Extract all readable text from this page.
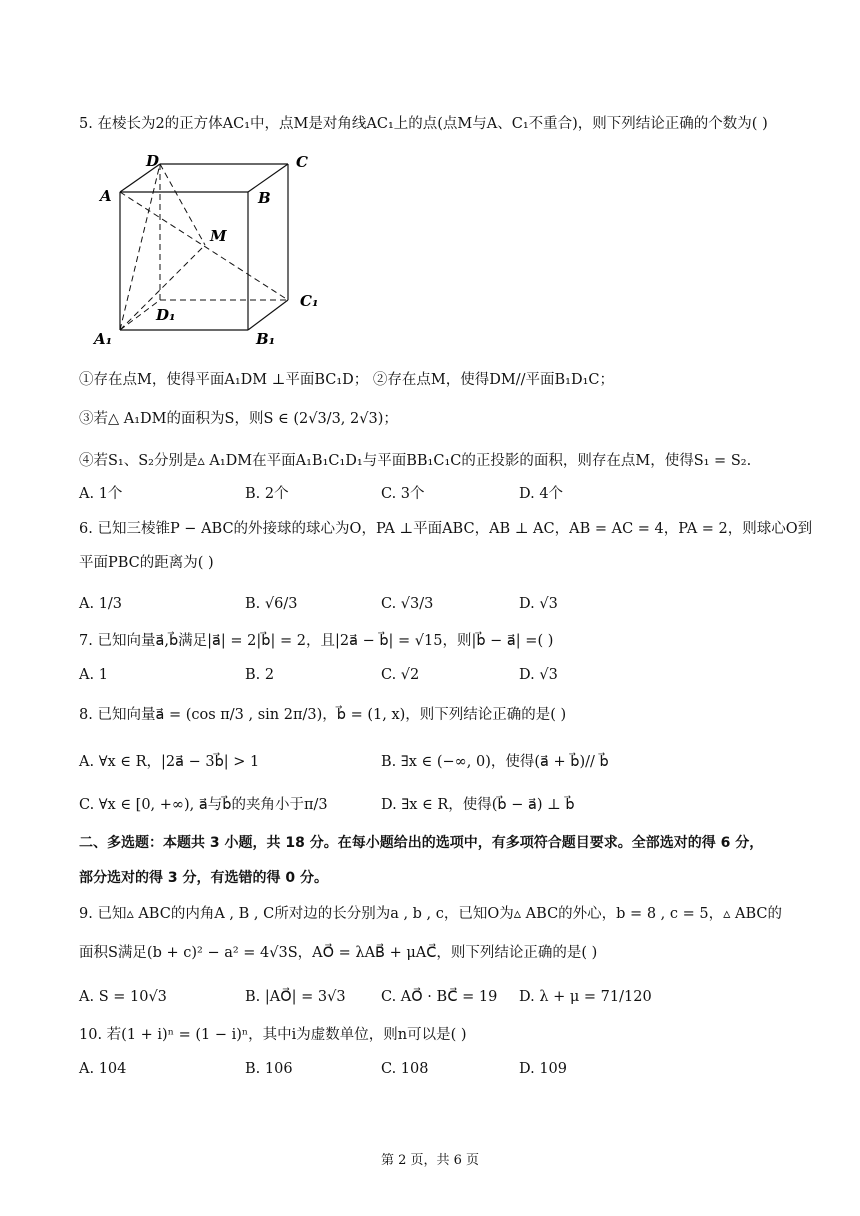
5. 在棱长为2的正方体AC₁中，点M是对角线AC₁上的点(点M与A、C₁不重合)，则下列结论正确的个数为( )
D	C
A	B
M
C₁
D₁
A₁	B₁
①存在点M，使得平面A₁DM ⊥平面BC₁D； ②存在点M，使得DM//平面B₁D₁C；
③若△ A₁DM的面积为S，则S ∈ (2√3/3, 2√3)；
④若S₁、S₂分别是▵ A₁DM在平面A₁B₁C₁D₁与平面BB₁C₁C的正投影的面积，则存在点M，使得S₁ = S₂.
A. 1个	B. 2个	C. 3个	D. 4个
6. 已知三棱锥P − ABC的外接球的球心为O，PA ⊥平面ABC，AB ⊥ AC，AB = AC = 4，PA = 2，则球心O到
平面PBC的距离为( )
A. 1/3	B. √6/3	C. √3/3	D. √3
7. 已知向量a⃗,b⃗满足|a⃗| = 2|b⃗| = 2，且|2a⃗ − b⃗| = √15，则|b⃗ − a⃗| =( )
A. 1	B. 2	C. √2	D. √3
8. 已知向量a⃗ = (cos π/3 , sin 2π/3)，b⃗ = (1, x)，则下列结论正确的是( )
A. ∀x ∈ R，|2a⃗ − 3b⃗| > 1	B. ∃x ∈ (−∞, 0)，使得(a⃗ + b⃗)// b⃗
C. ∀x ∈ [0, +∞), a⃗与b⃗的夹角小于π/3	D. ∃x ∈ R，使得(b⃗ − a⃗) ⊥ b⃗
二、多选题：本题共 3 小题，共 18 分。在每小题给出的选项中，有多项符合题目要求。全部选对的得 6 分，
部分选对的得 3 分，有选错的得 0 分。
9. 已知▵ ABC的内角A , B , C所对边的长分别为a , b , c，已知O为▵ ABC的外心，b = 8 , c = 5，▵ ABC的
面积S满足(b + c)² − a² = 4√3S，AO⃗ = λAB⃗ + μAC⃗，则下列结论正确的是( )
A. S = 10√3	B. |AO⃗| = 3√3 C. AO⃗ · BC⃗ = 19 D. λ + μ = 71/120
10. 若(1 + i)ⁿ = (1 − i)ⁿ，其中i为虚数单位，则n可以是( )
A. 104	B. 106	C. 108	D. 109
第 2 页，共 6 页
